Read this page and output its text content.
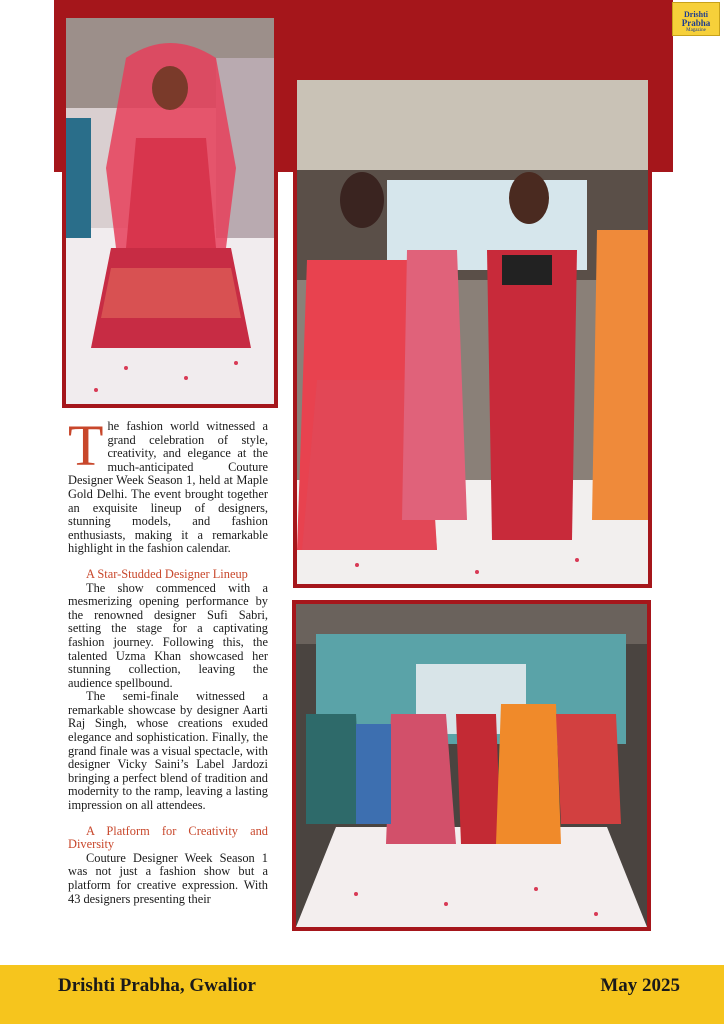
Drishti
Prabha
Magazine

The fashion world witnessed a grand celebration of style, creativity, and elegance at the much-anticipated Couture Designer Week Season 1, held at Maple Gold Delhi. The event brought together an exquisite lineup of designers, stunning models, and fashion enthusiasts, making it a remarkable highlight in the fashion calendar.

A Star-Studded Designer Lineup

The show commenced with a mesmerizing opening performance by the renowned designer Sufi Sabri, setting the stage for a captivating fashion journey. Following this, the talented Uzma Khan showcased her stunning collection, leaving the audience spellbound.

The semi-finale witnessed a remarkable showcase by designer Aarti Raj Singh, whose creations exuded elegance and sophistication. Finally, the grand finale was a visual spectacle, with designer Vicky Saini’s Label Jardozi bringing a perfect blend of tradition and modernity to the ramp, leaving a lasting impression on all attendees.

A Platform for Creativity and Diversity

Couture Designer Week Season 1 was not just a fashion show but a platform for creative expression. With 43 designers presenting their

Drishti Prabha, Gwalior	May 2025
